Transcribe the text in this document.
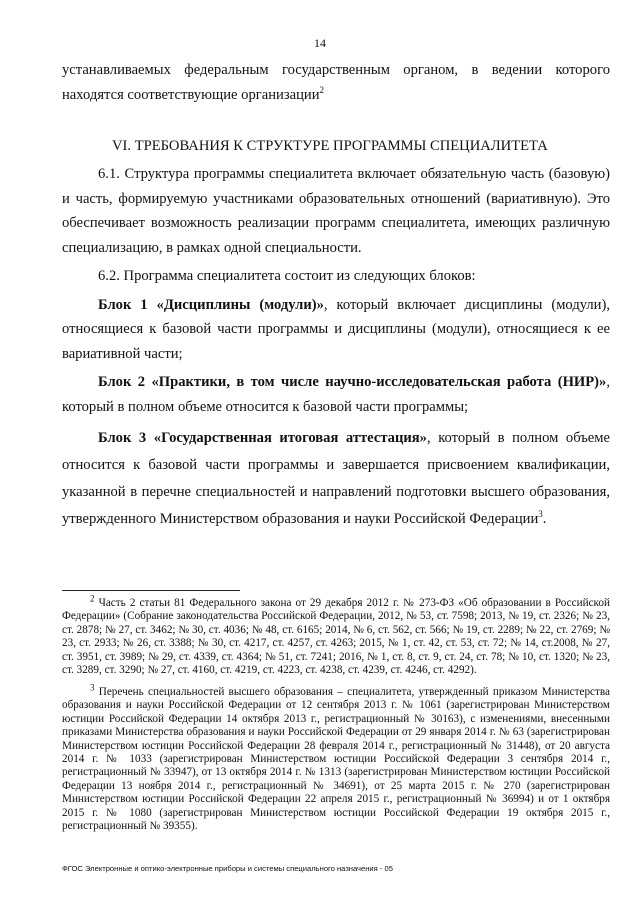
14

устанавливаемых федеральным государственным органом, в ведении которого находятся соответствующие организации$^2$

VI. ТРЕБОВАНИЯ К СТРУКТУРЕ ПРОГРАММЫ СПЕЦИАЛИТЕТА

6.1. Структура программы специалитета включает обязательную часть (базовую) и часть, формируемую участниками образовательных отношений (вариативную). Это обеспечивает возможность реализации программ специалитета, имеющих различную специализацию, в рамках одной специальности.

6.2. Программа специалитета состоит из следующих блоков:

Блок 1 «Дисциплины (модули)», который включает дисциплины (модули), относящиеся к базовой части программы и дисциплины (модули), относящиеся к ее вариативной части;

Блок 2 «Практики, в том числе научно-исследовательская работа (НИР)», который в полном объеме относится к базовой части программы;

Блок 3 «Государственная итоговая аттестация», который в полном объеме относится к базовой части программы и завершается присвоением квалификации, указанной в перечне специальностей и направлений подготовки высшего образования, утвержденного Министерством образования и науки Российской Федерации$^3$.

$^2$ Часть 2 статьи 81 Федерального закона от 29 декабря 2012 г. № 273-ФЗ «Об образовании в Российской Федерации» (Собрание законодательства Российской Федерации, 2012, № 53, ст. 7598; 2013, № 19, ст. 2326; № 23, ст. 2878; № 27, ст. 3462; № 30, ст. 4036; № 48, ст. 6165; 2014, № 6, ст. 562, ст. 566; № 19, ст. 2289; № 22, ст. 2769; № 23, ст. 2933; № 26, ст. 3388; № 30, ст. 4217, ст. 4257, ст. 4263; 2015, № 1, ст. 42, ст. 53, ст. 72; № 14, ст.2008, № 27, ст. 3951, ст. 3989; № 29, ст. 4339, ст. 4364; № 51, ст. 7241; 2016, № 1, ст. 8, ст. 9, ст. 24, ст. 78; № 10, ст. 1320; № 23, ст. 3289, ст. 3290; № 27, ст. 4160, ст. 4219, ст. 4223, ст. 4238, ст. 4239, ст. 4246, ст. 4292).

$^3$ Перечень специальностей высшего образования – специалитета, утвержденный приказом Министерства образования и науки Российской Федерации от 12 сентября 2013 г. № 1061 (зарегистрирован Министерством юстиции Российской Федерации 14 октября 2013 г., регистрационный № 30163), с изменениями, внесенными приказами Министерства образования и науки Российской Федерации от 29 января 2014 г. № 63 (зарегистрирован Министерством юстиции Российской Федерации 28 февраля 2014 г., регистрационный № 31448), от 20 августа 2014 г. № 1033 (зарегистрирован Министерством юстиции Российской Федерации 3 сентября 2014 г., регистрационный № 33947), от 13 октября 2014 г. № 1313 (зарегистрирован Министерством юстиции Российской Федерации 13 ноября 2014 г., регистрационный № 34691), от 25 марта 2015 г. № 270 (зарегистрирован Министерством юстиции Российской Федерации 22 апреля 2015 г., регистрационный № 36994) и от 1 октября 2015 г. № 1080 (зарегистрирован Министерством юстиции Российской Федерации 19 октября 2015 г., регистрационный № 39355).

ФГОС Электронные и оптико-электронные приборы и системы специального назначения - 05
